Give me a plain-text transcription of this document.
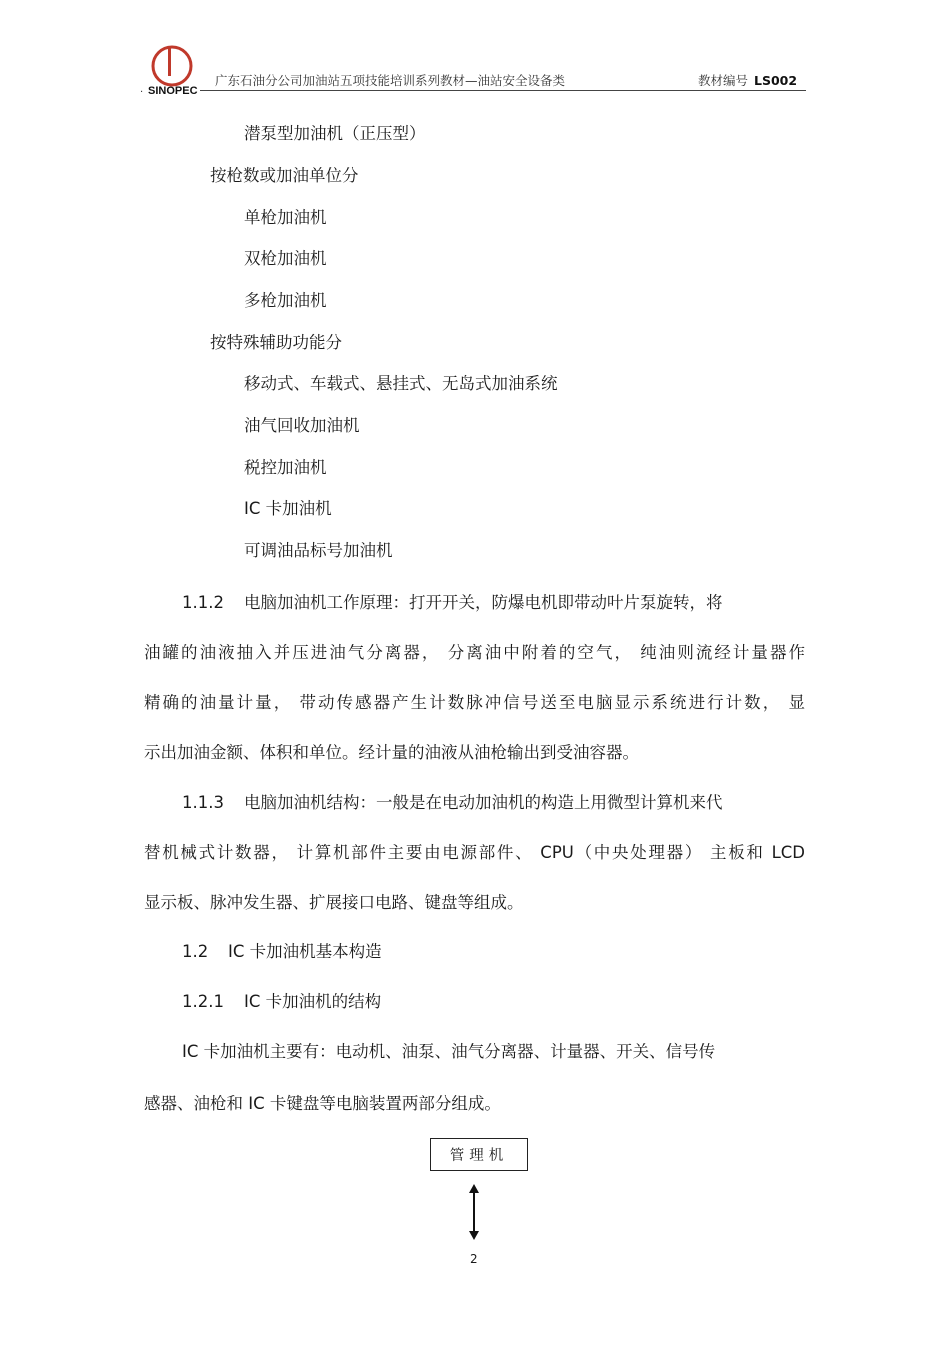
SINOPEC
.
广东石油分公司加油站五项技能培训系列教材—油站安全设备类	教材编号 LS002
潜泵型加油机（正压型）
按枪数或加油单位分
单枪加油机
双枪加油机
多枪加油机
按特殊辅助功能分
移动式、车载式、悬挂式、无岛式加油系统
油气回收加油机
税控加油机
IC 卡加油机
可调油品标号加油机
1.1.2 电脑加油机工作原理：打开开关，防爆电机即带动叶片泵旋转，将
油罐的油液抽入并压进油气分离器， 分离油中附着的空气， 纯油则流经计量器作
精确的油量计量， 带动传感器产生计数脉冲信号送至电脑显示系统进行计数， 显
示出加油金额、体积和单位。经计量的油液从油枪输出到受油容器。
1.1.3 电脑加油机结构：一般是在电动加油机的构造上用微型计算机来代
替机械式计数器， 计算机部件主要由电源部件、 CPU（中央处理器） 主板和 LCD
显示板、脉冲发生器、扩展接口电路、键盘等组成。
1.2 IC 卡加油机基本构造
1.2.1 IC 卡加油机的结构
IC 卡加油机主要有：电动机、油泵、油气分离器、计量器、开关、信号传
感器、油枪和 IC 卡键盘等电脑装置两部分组成。
管理机
2
